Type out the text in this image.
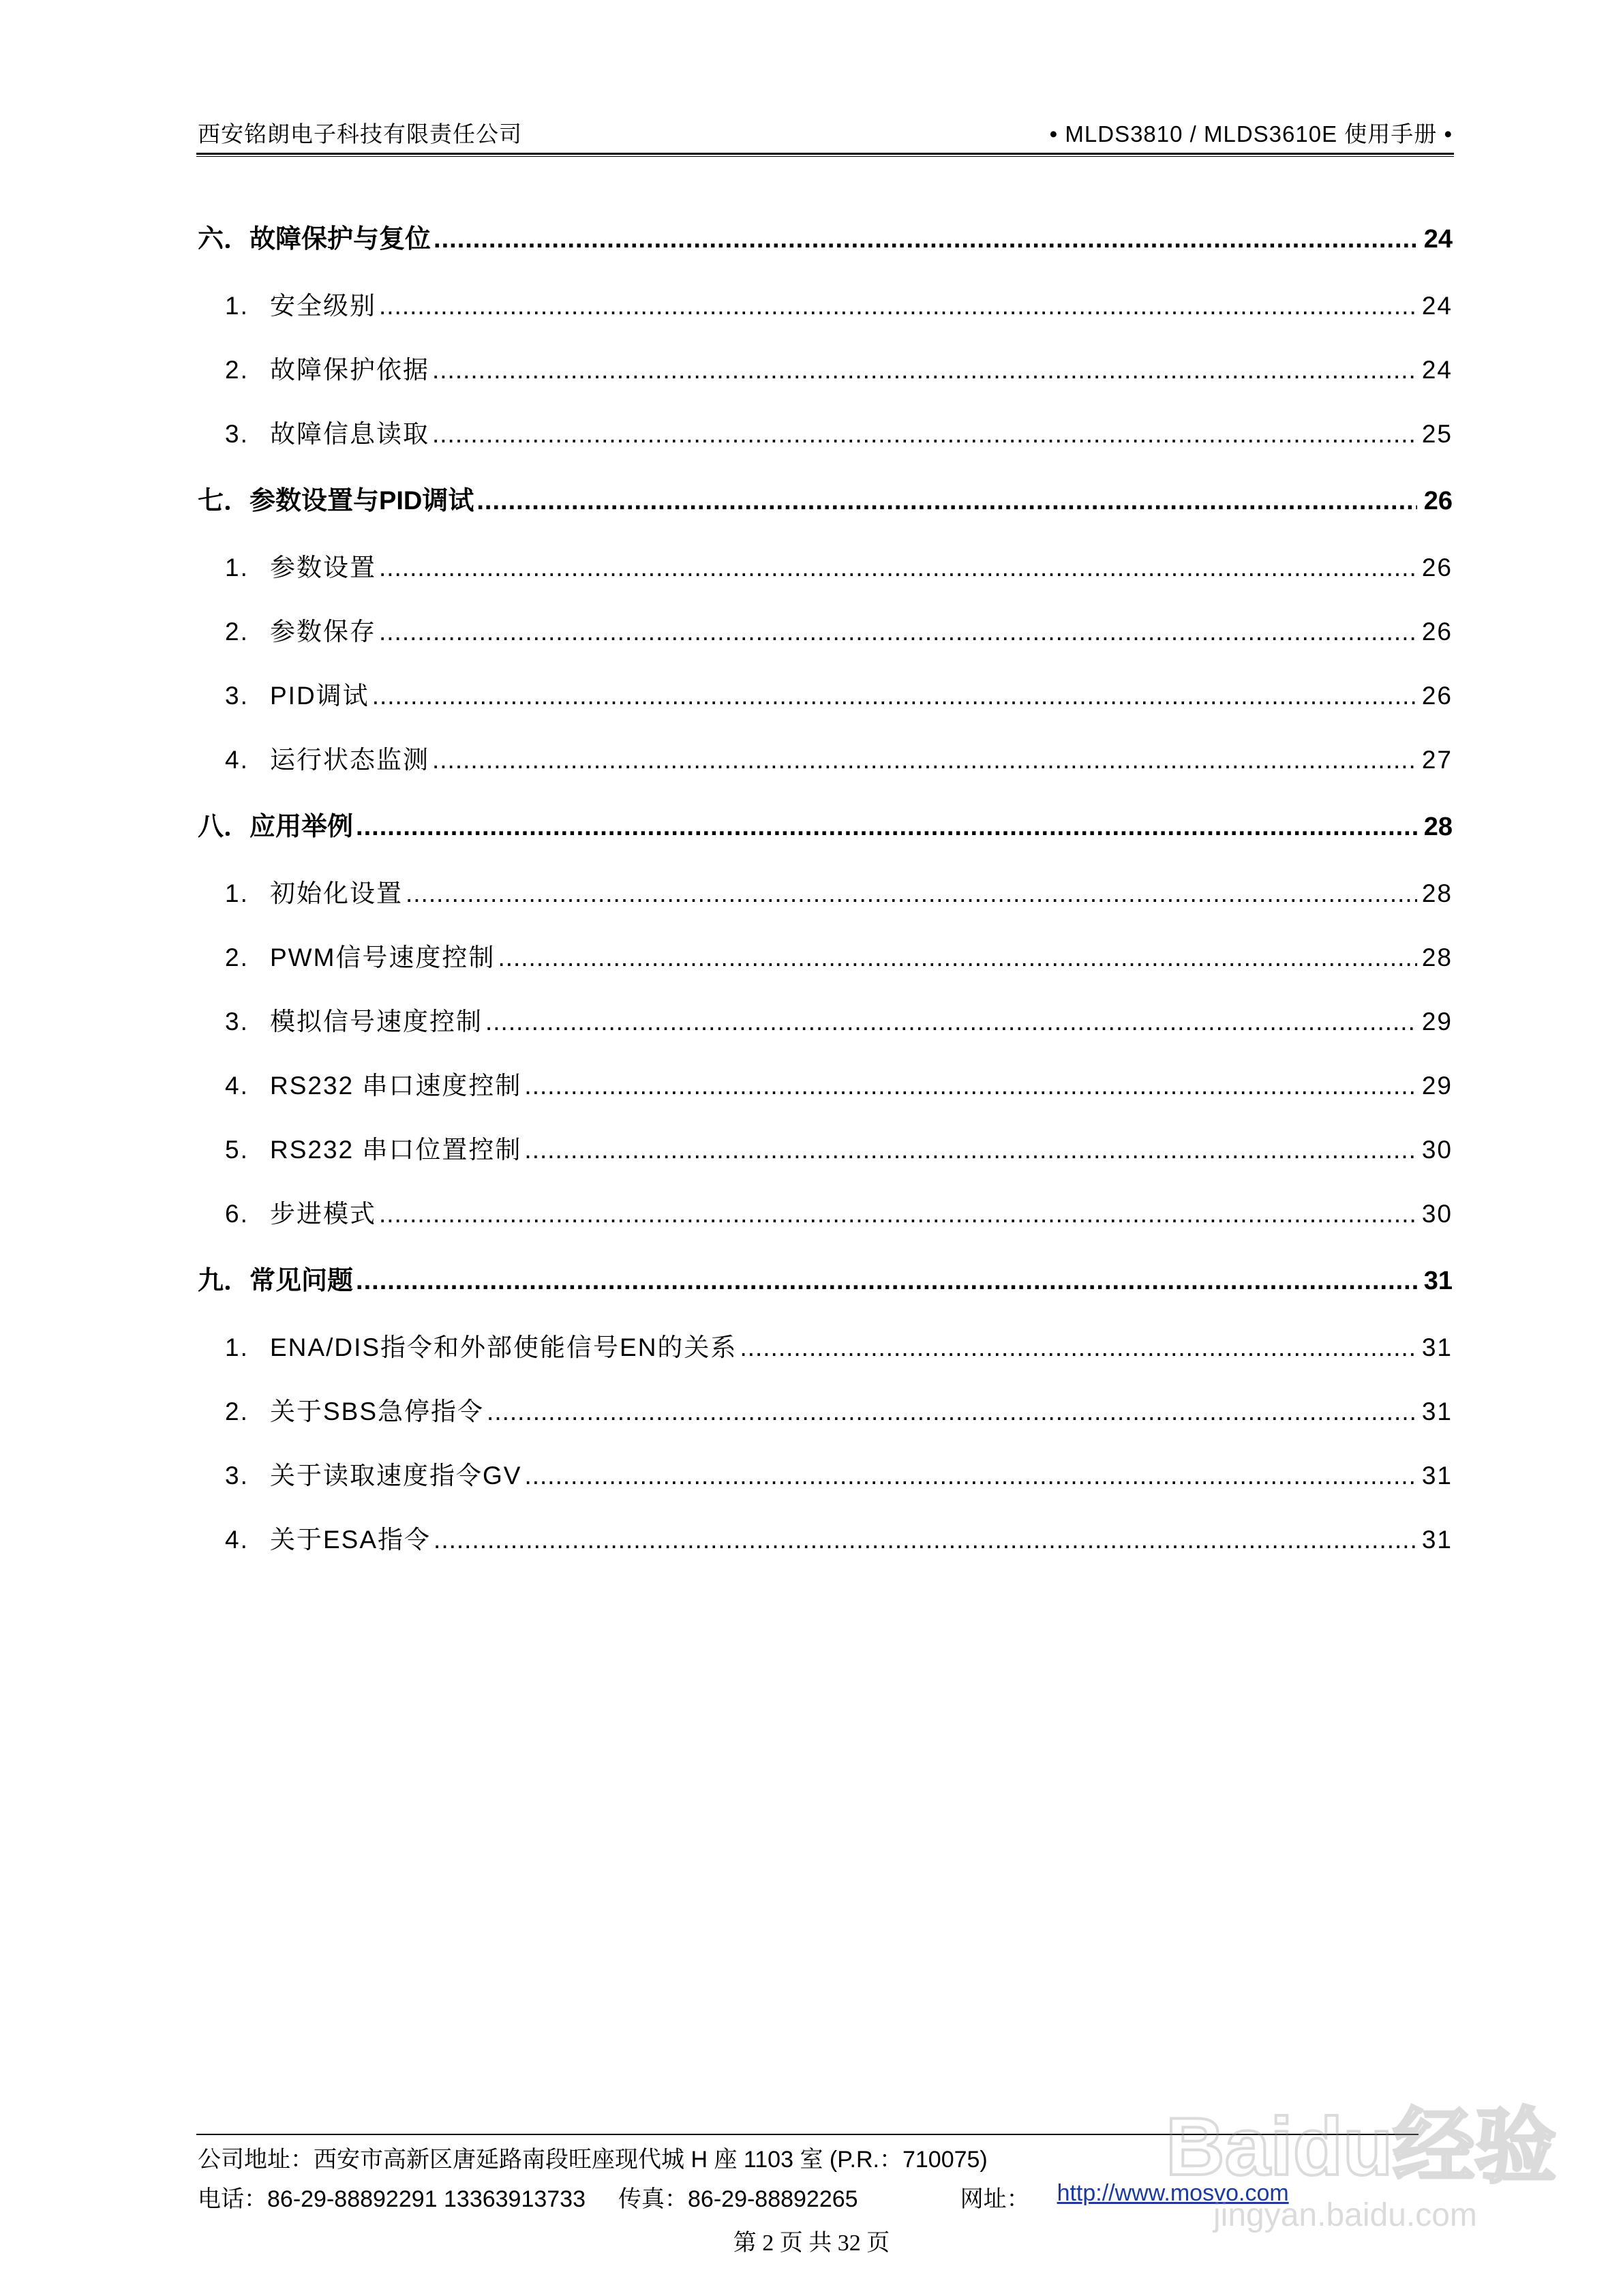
西安铭朗电子科技有限责任公司	• MLDS3810 / MLDS3610E 使用手册 •
六．故障保护与复位 .....	24
1. 安全级别 .....	24
2. 故障保护依据 .....	24
3. 故障信息读取 .....	25
七．参数设置与PID调试 .....	26
1. 参数设置 .....	26
2. 参数保存 .....	26
3. PID调试 .....	26
4. 运行状态监测 .....	27
八．应用举例 .....	28
1. 初始化设置 .....	28
2. PWM信号速度控制 .....	28
3. 模拟信号速度控制 .....	29
4. RS232 串口速度控制 .....	29
5. RS232 串口位置控制 .....	30
6. 步进模式 .....	30
九．常见问题 .....	31
1. ENA/DIS指令和外部使能信号EN的关系 .....	31
2. 关于SBS急停指令 .....	31
3. 关于读取速度指令GV .....	31
4. 关于ESA指令 .....	31
公司地址：西安市高新区唐延路南段旺座现代城 H 座 1103 室 (P.R.：710075)
电话：86-29-88892291 13363913733 传真：86-29-88892265	网址： http://www.mosvo.com
第 2 页 共 32 页
Baidu经验
jingyan.baidu.com
